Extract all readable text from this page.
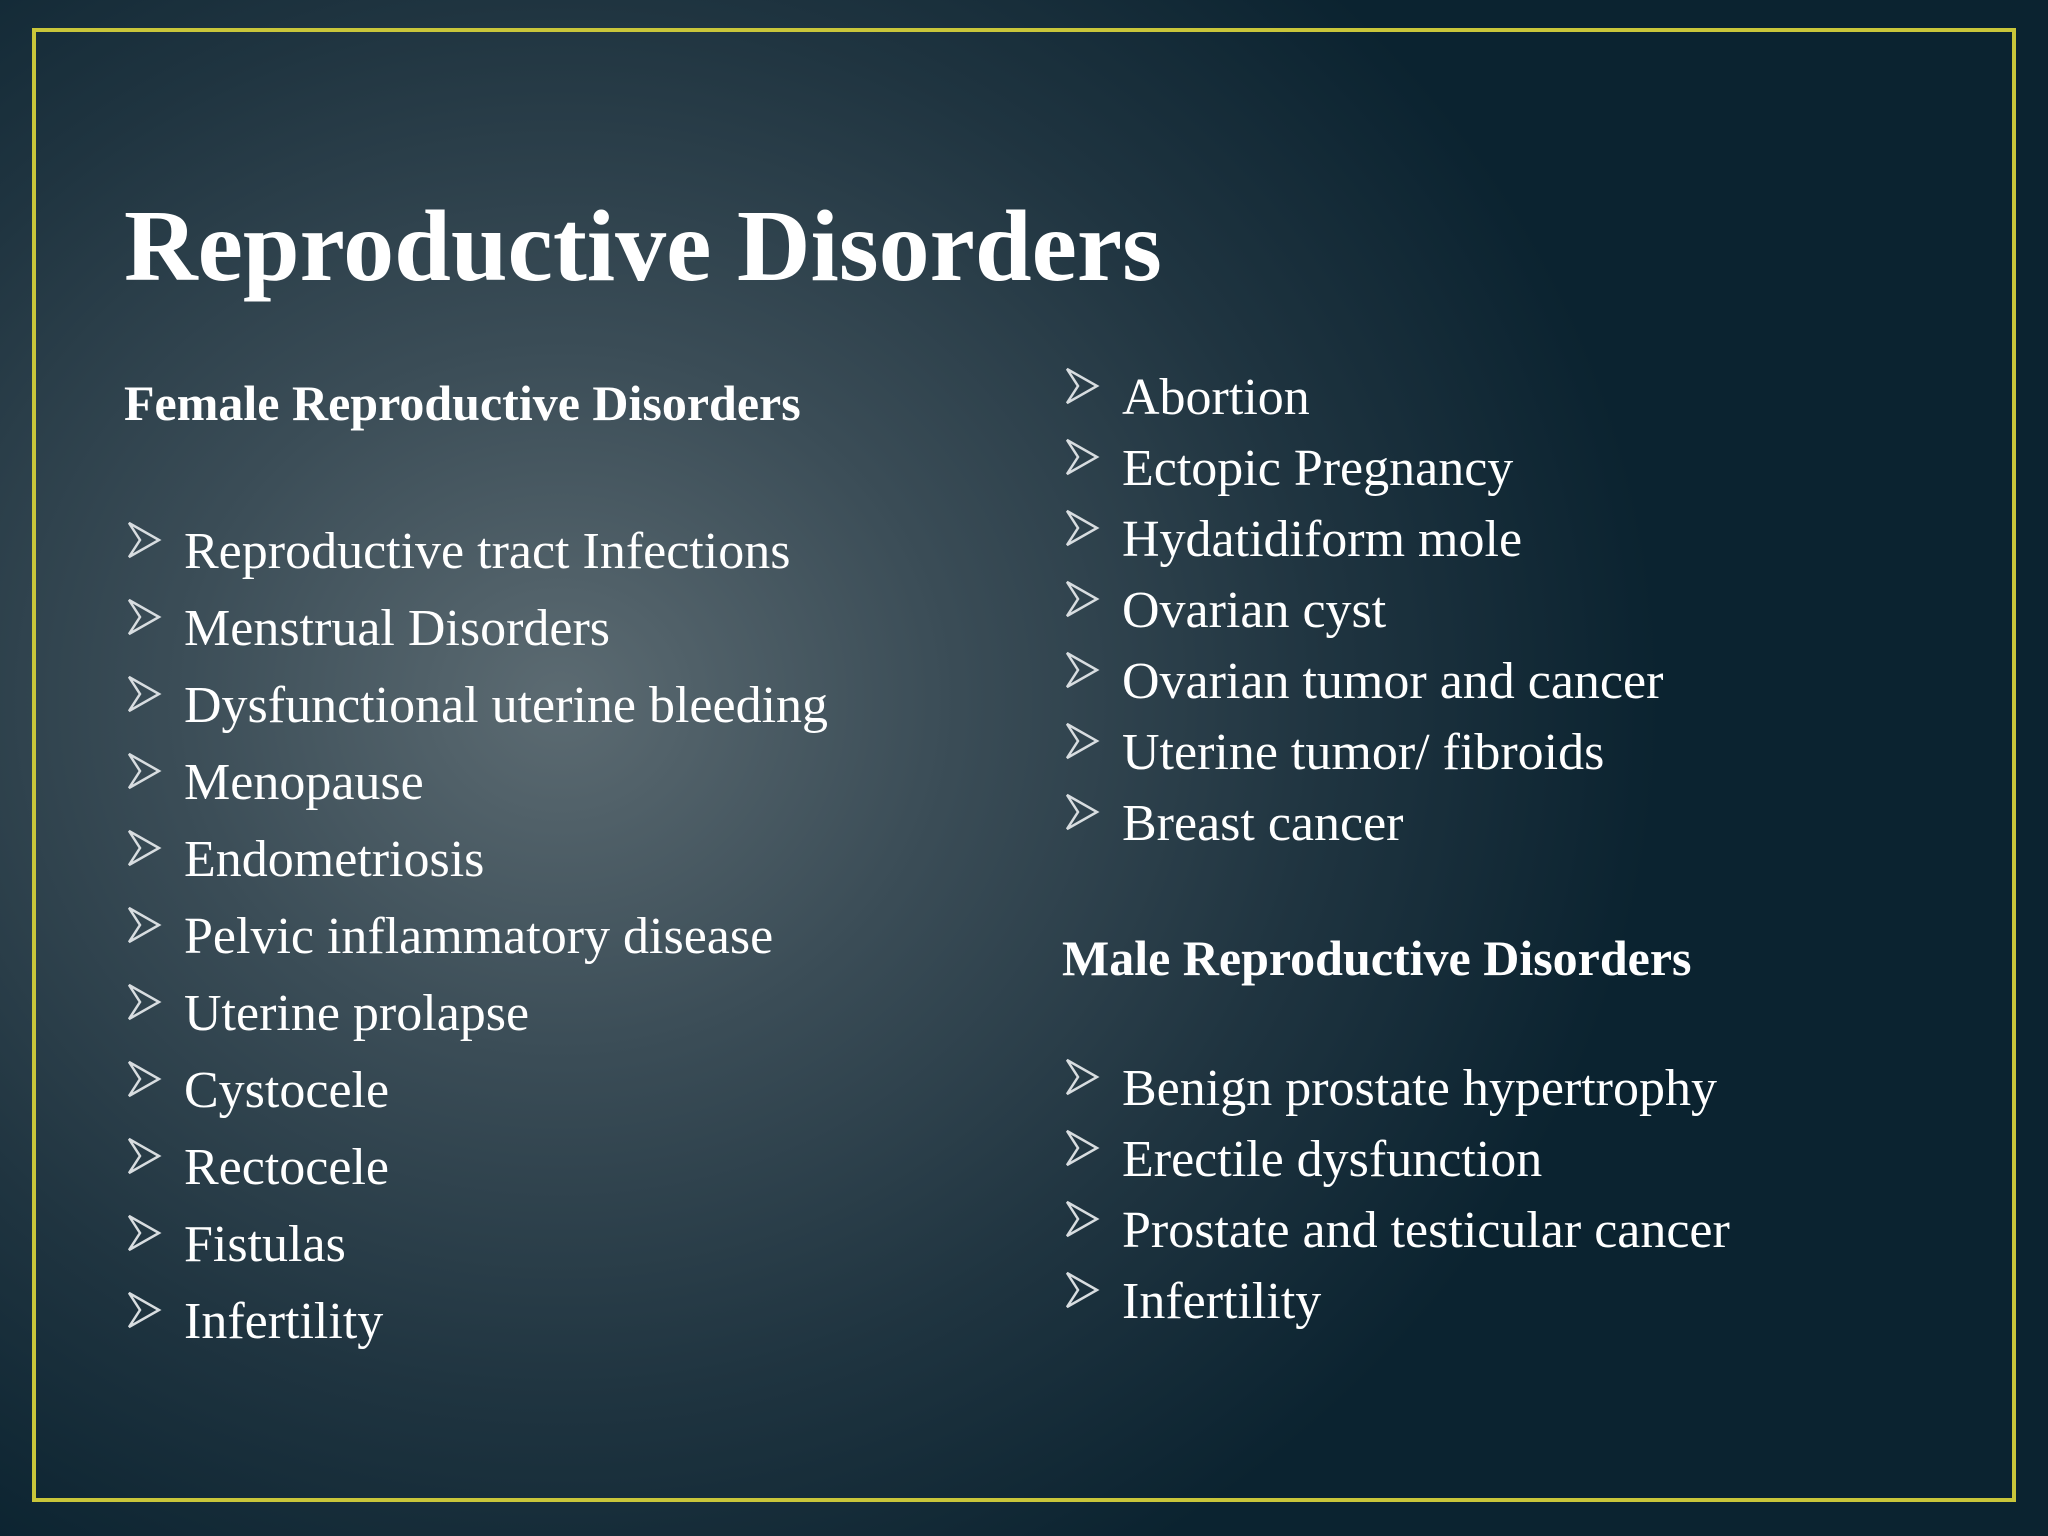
Reproductive Disorders
Female Reproductive Disorders
Reproductive tract Infections
Menstrual Disorders
Dysfunctional uterine bleeding
Menopause
Endometriosis
Pelvic inflammatory disease
Uterine prolapse
Cystocele
Rectocele
Fistulas
Infertility
Abortion
Ectopic Pregnancy
Hydatidiform mole
Ovarian cyst
Ovarian tumor and cancer
Uterine tumor/ fibroids
Breast cancer
Male Reproductive Disorders
Benign prostate hypertrophy
Erectile dysfunction
Prostate and testicular cancer
Infertility
